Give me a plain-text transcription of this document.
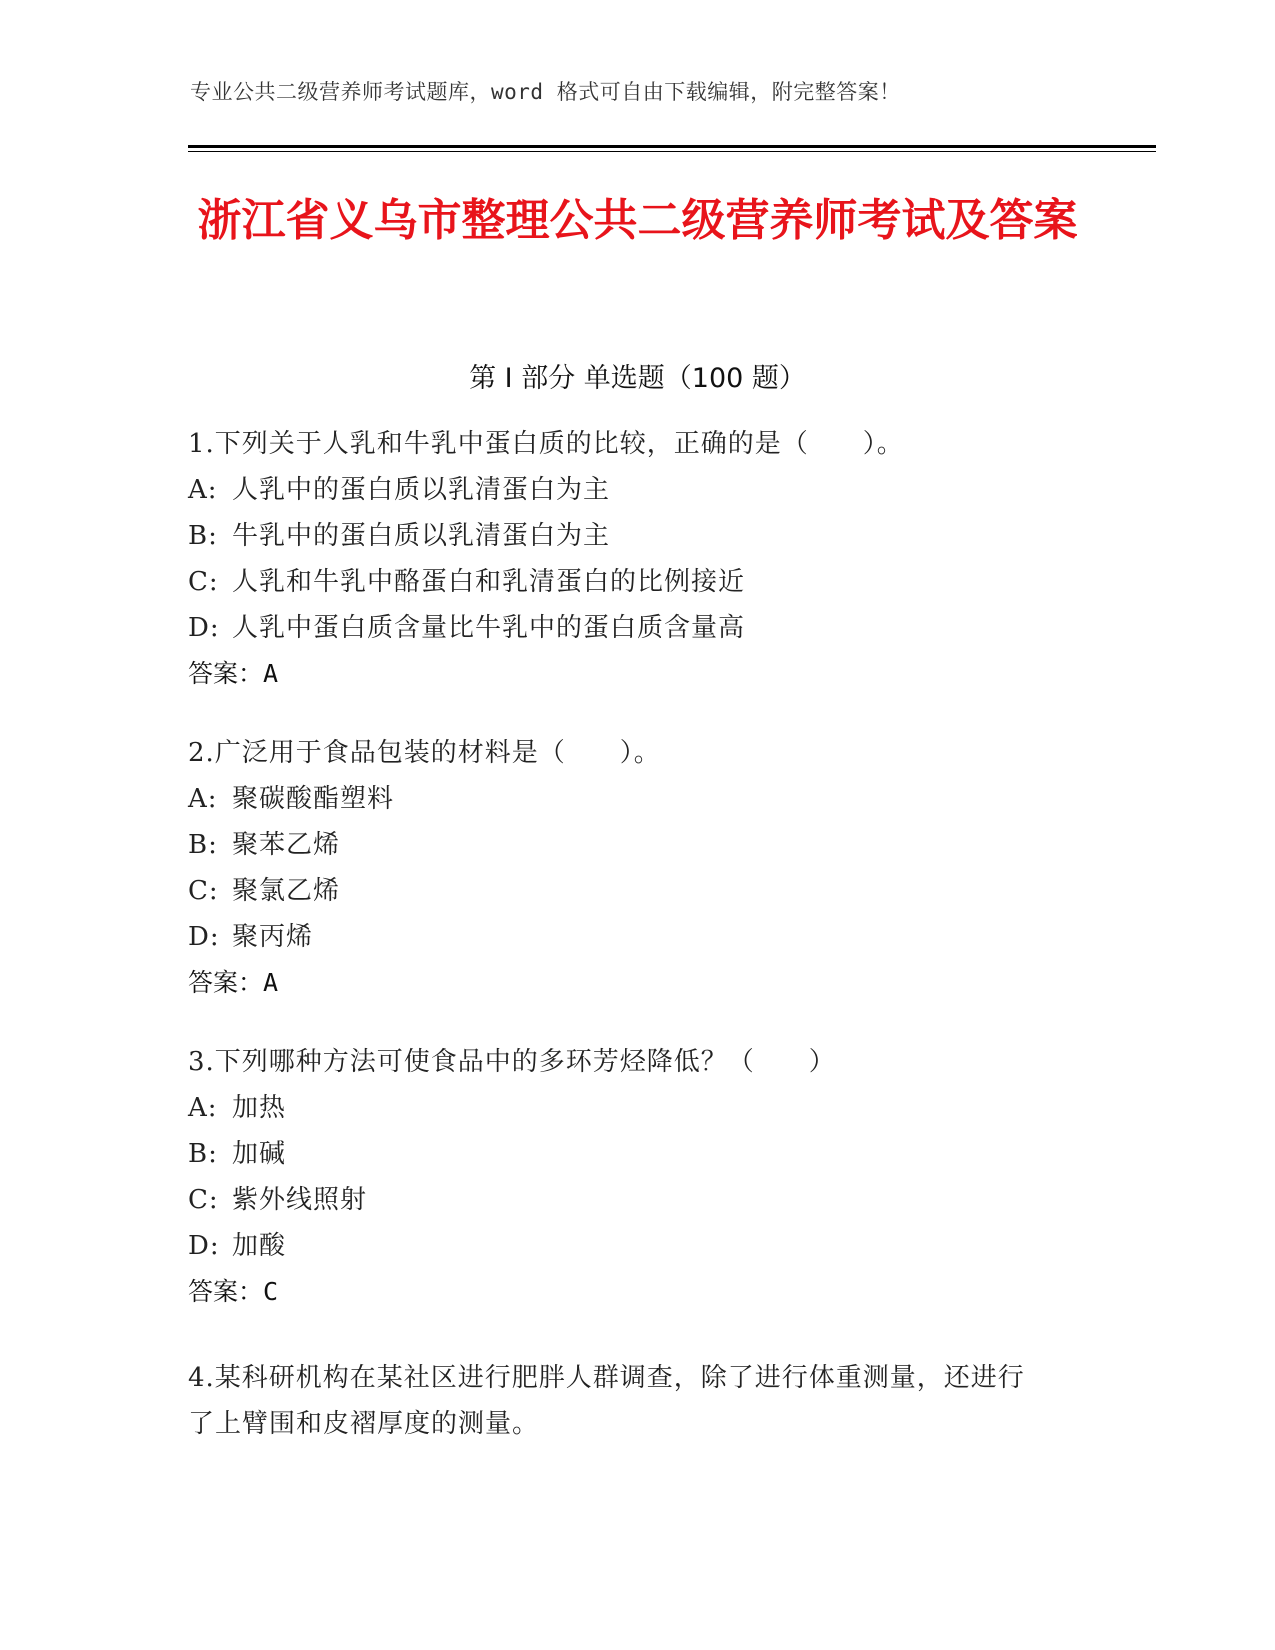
专业公共二级营养师考试题库，word 格式可自由下载编辑，附完整答案！
浙江省义乌市整理公共二级营养师考试及答案
第 I 部分 单选题（100 题）
1.下列关于人乳和牛乳中蛋白质的比较，正确的是（　　）。
A: 人乳中的蛋白质以乳清蛋白为主
B: 牛乳中的蛋白质以乳清蛋白为主
C: 人乳和牛乳中酪蛋白和乳清蛋白的比例接近
D: 人乳中蛋白质含量比牛乳中的蛋白质含量高
答案：A
2.广泛用于食品包装的材料是（　　）。
A: 聚碳酸酯塑料
B: 聚苯乙烯
C: 聚氯乙烯
D: 聚丙烯
答案：A
3.下列哪种方法可使食品中的多环芳烃降低？（　　）
A: 加热
B: 加碱
C: 紫外线照射
D: 加酸
答案：C
4.某科研机构在某社区进行肥胖人群调查，除了进行体重测量，还进行了上臂围和皮褶厚度的测量。
